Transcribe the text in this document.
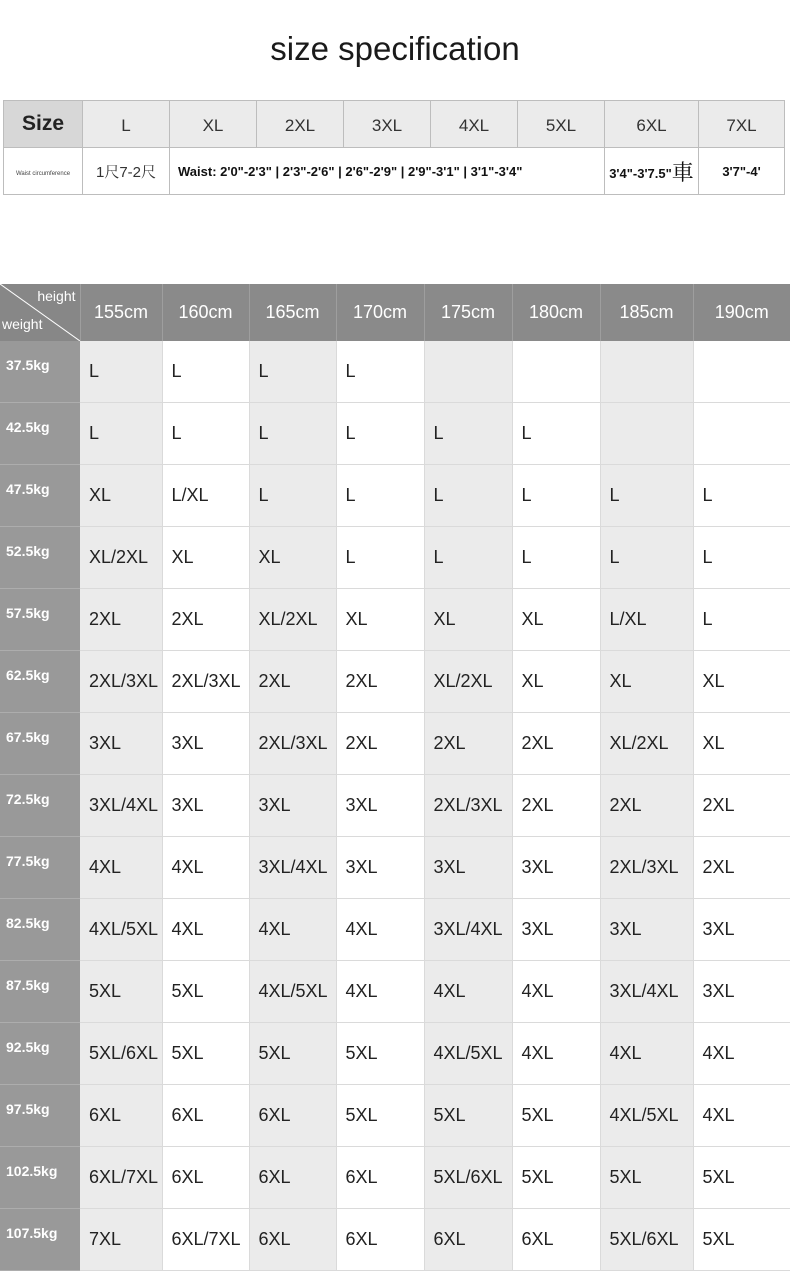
size specification
Size	L	XL	2XL	3XL	4XL	5XL	6XL	7XL
Waist circumference	1尺7-2尺	Waist: 2'0"-2'3" | 2'3"-2'6" | 2'6"-2'9" | 2'9"-3'1" | 3'1"-3'4"					3'4"-3'7.5"車	3'7"-4'
height
weight	155cm	160cm	165cm	170cm	175cm	180cm	185cm	190cm
37.5kg	L	L	L	L				
42.5kg	L	L	L	L	L	L		
47.5kg	XL	L/XL	L	L	L	L	L	L
52.5kg	XL/2XL	XL	XL	L	L	L	L	L
57.5kg	2XL	2XL	XL/2XL	XL	XL	XL	L/XL	L
62.5kg	2XL/3XL	2XL/3XL	2XL	2XL	XL/2XL	XL	XL	XL
67.5kg	3XL	3XL	2XL/3XL	2XL	2XL	2XL	XL/2XL	XL
72.5kg	3XL/4XL	3XL	3XL	3XL	2XL/3XL	2XL	2XL	2XL
77.5kg	4XL	4XL	3XL/4XL	3XL	3XL	3XL	2XL/3XL	2XL
82.5kg	4XL/5XL	4XL	4XL	4XL	3XL/4XL	3XL	3XL	3XL
87.5kg	5XL	5XL	4XL/5XL	4XL	4XL	4XL	3XL/4XL	3XL
92.5kg	5XL/6XL	5XL	5XL	5XL	4XL/5XL	4XL	4XL	4XL
97.5kg	6XL	6XL	6XL	5XL	5XL	5XL	4XL/5XL	4XL
102.5kg	6XL/7XL	6XL	6XL	6XL	5XL/6XL	5XL	5XL	5XL
107.5kg	7XL	6XL/7XL	6XL	6XL	6XL	6XL	5XL/6XL	5XL
